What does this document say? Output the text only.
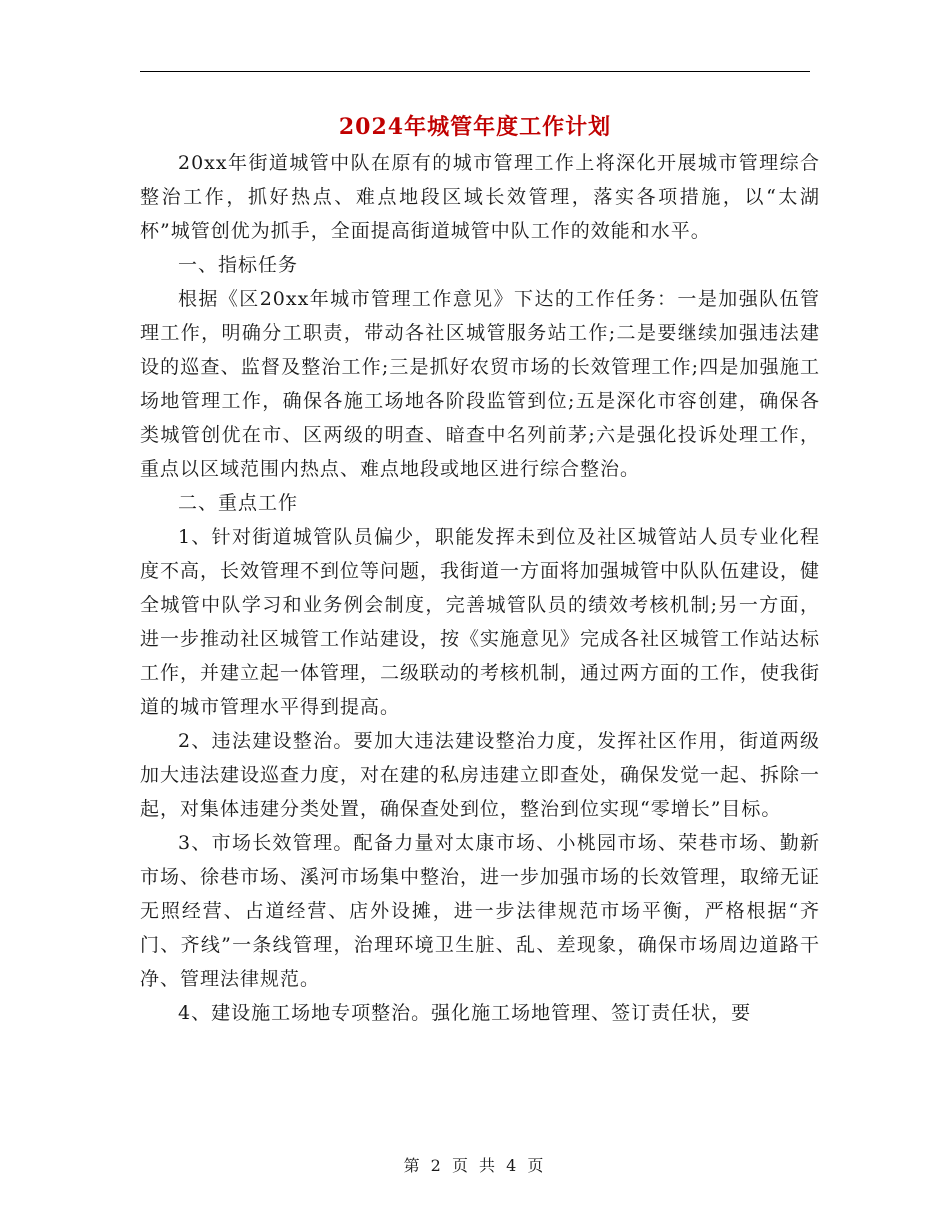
2024年城管年度工作计划

20xx年街道城管中队在原有的城市管理工作上将深化开展城市管理综合整治工作，抓好热点、难点地段区域长效管理，落实各项措施，以“太湖杯”城管创优为抓手，全面提高街道城管中队工作的效能和水平。

一、指标任务

根据《区20xx年城市管理工作意见》下达的工作任务：一是加强队伍管理工作，明确分工职责，带动各社区城管服务站工作;二是要继续加强违法建设的巡查、监督及整治工作;三是抓好农贸市场的长效管理工作;四是加强施工场地管理工作，确保各施工场地各阶段监管到位;五是深化市容创建，确保各类城管创优在市、区两级的明查、暗查中名列前茅;六是强化投诉处理工作，重点以区域范围内热点、难点地段或地区进行综合整治。

二、重点工作

1、针对街道城管队员偏少，职能发挥未到位及社区城管站人员专业化程度不高，长效管理不到位等问题，我街道一方面将加强城管中队队伍建设，健全城管中队学习和业务例会制度，完善城管队员的绩效考核机制;另一方面，进一步推动社区城管工作站建设，按《实施意见》完成各社区城管工作站达标工作，并建立起一体管理，二级联动的考核机制，通过两方面的工作，使我街道的城市管理水平得到提高。

2、违法建设整治。要加大违法建设整治力度，发挥社区作用，街道两级加大违法建设巡查力度，对在建的私房违建立即查处，确保发觉一起、拆除一起，对集体违建分类处置，确保查处到位，整治到位实现“零增长”目标。

3、市场长效管理。配备力量对太康市场、小桃园市场、荣巷市场、勤新市场、徐巷市场、溪河市场集中整治，进一步加强市场的长效管理，取缔无证无照经营、占道经营、店外设摊，进一步法律规范市场平衡，严格根据“齐门、齐线”一条线管理，治理环境卫生脏、乱、差现象，确保市场周边道路干净、管理法律规范。

4、建设施工场地专项整治。强化施工场地管理、签订责任状，要

第 2 页 共 4 页
